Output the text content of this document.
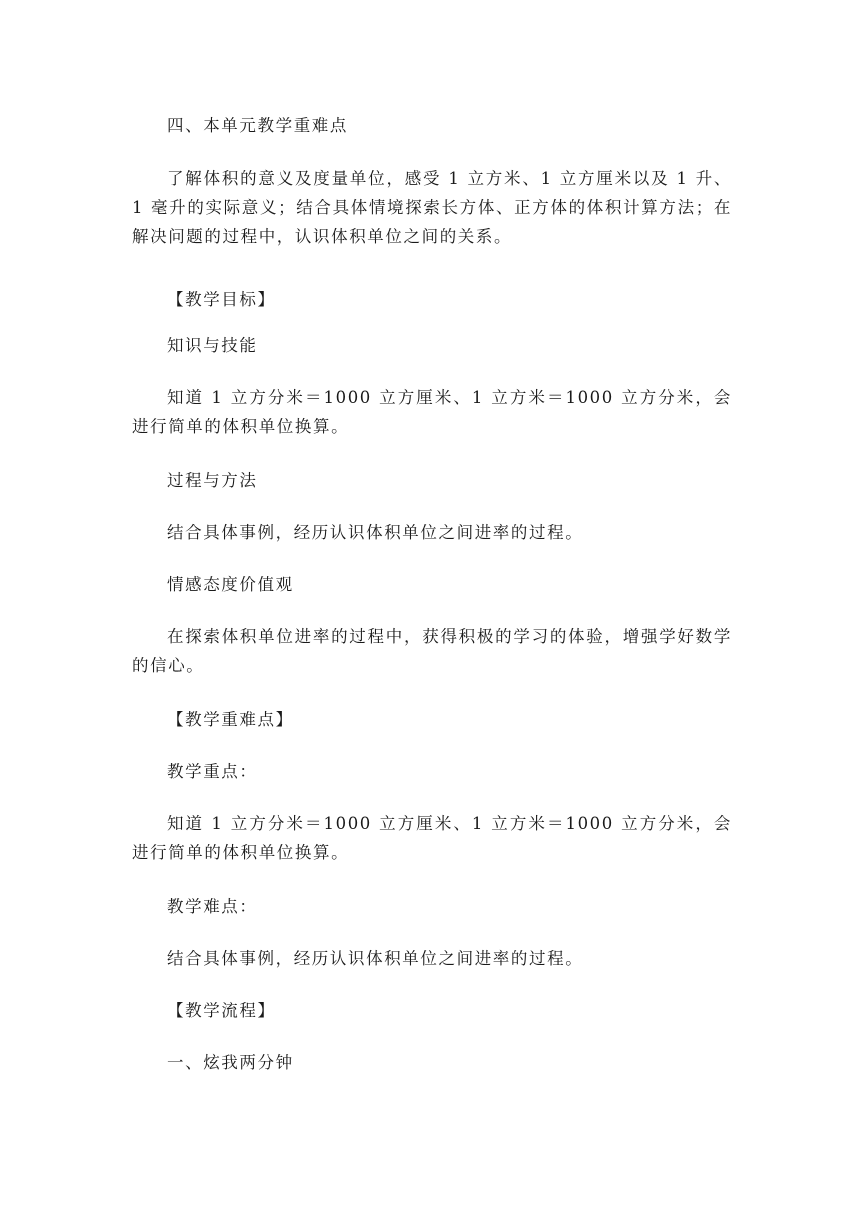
四、本单元教学重难点

了解体积的意义及度量单位，感受 1 立方米、1 立方厘米以及 1 升、1 毫升的实际意义；结合具体情境探索长方体、正方体的体积计算方法；在解决问题的过程中，认识体积单位之间的关系。

【教学目标】

知识与技能

知道 1 立方分米＝1000 立方厘米、1 立方米＝1000 立方分米，会进行简单的体积单位换算。

过程与方法

结合具体事例，经历认识体积单位之间进率的过程。

情感态度价值观

在探索体积单位进率的过程中，获得积极的学习的体验，增强学好数学的信心。

【教学重难点】

教学重点：

知道 1 立方分米＝1000 立方厘米、1 立方米＝1000 立方分米，会进行简单的体积单位换算。

教学难点：

结合具体事例，经历认识体积单位之间进率的过程。

【教学流程】

一、炫我两分钟
